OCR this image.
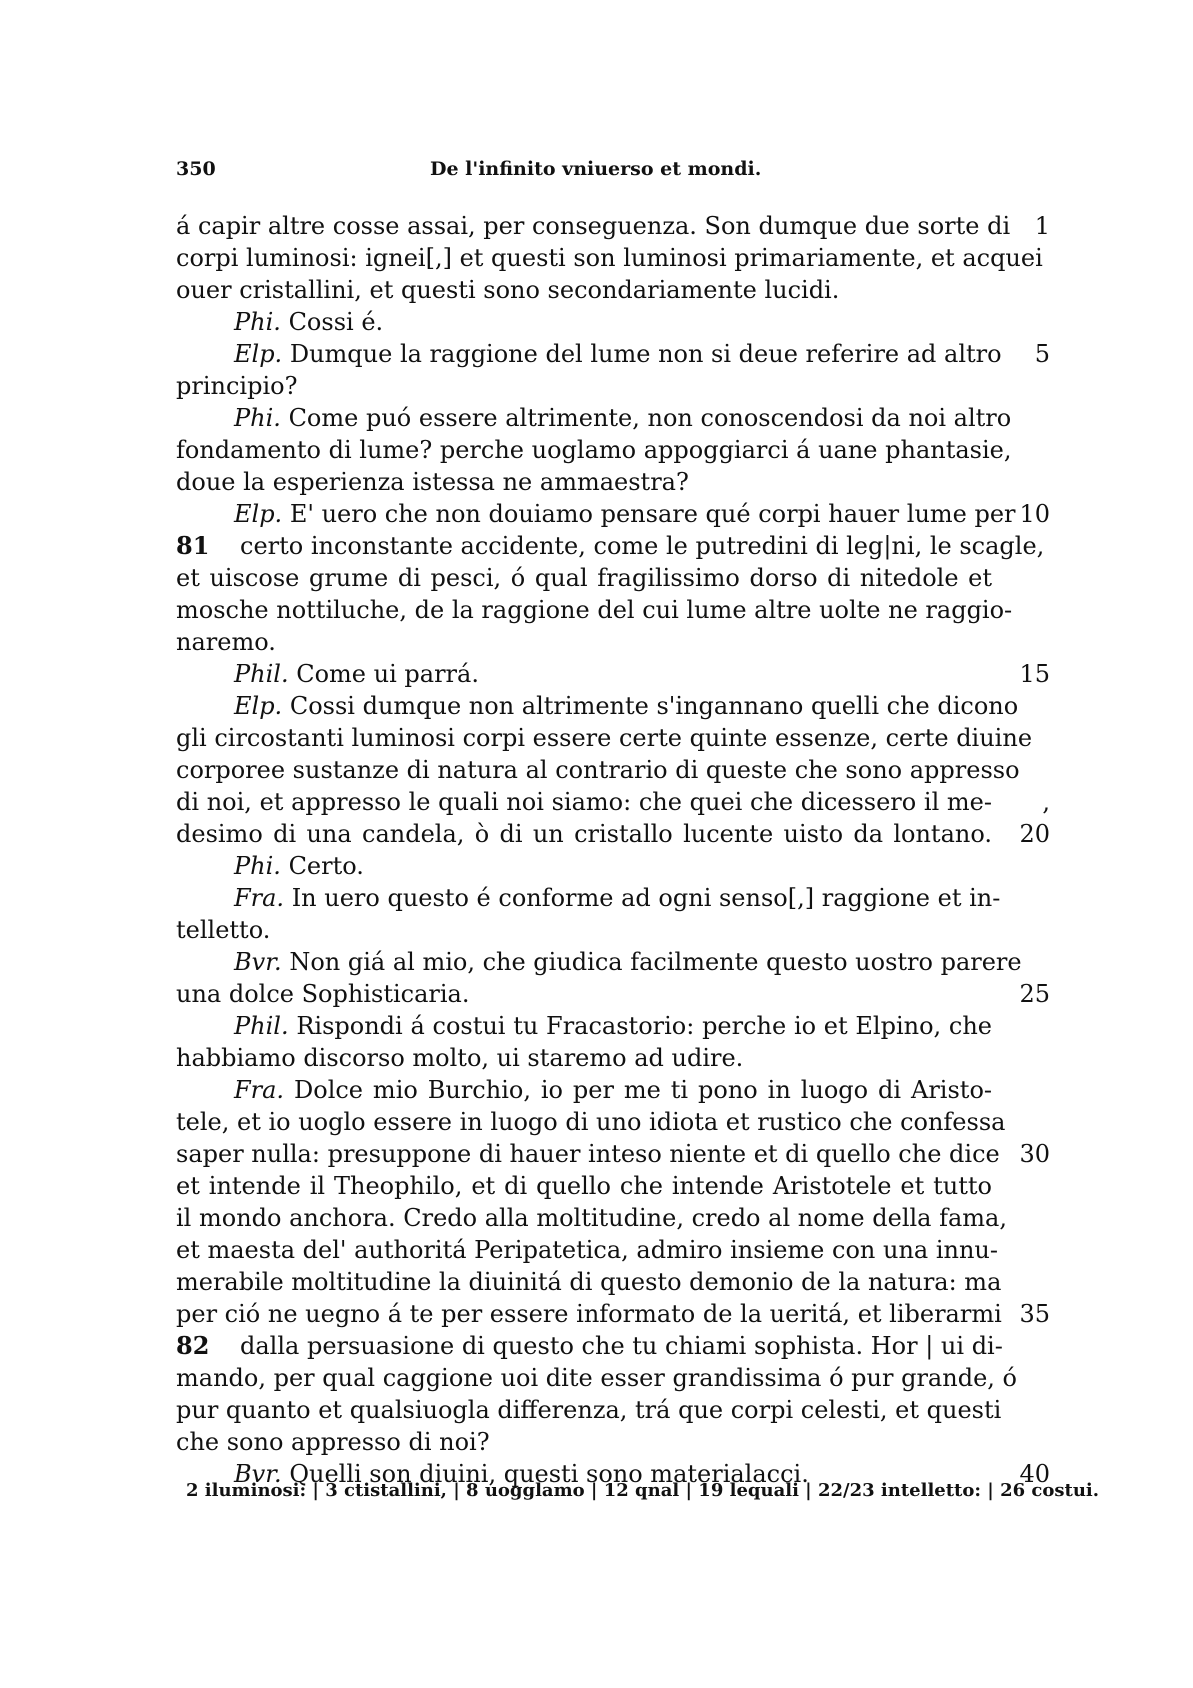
350	De l'infinito vniuerso et mondi.
á capir altre cosse assai, per conseguenza. Son dumque due sorte di	1
corpi luminosi: ignei[,] et questi son luminosi primariamente, et acquei
ouer cristallini, et questi sono secondariamente lucidi.
Phi. Cossi é.
Elp. Dumque la raggione del lume non si deue referire ad altro	5
principio?
Phi. Come puó essere altrimente, non conoscendosi da noi altro
fondamento di lume? perche uoglamo appoggiarci á uane phantasie,
doue la esperienza istessa ne ammaestra?
Elp. E' uero che non douiamo pensare qué corpi hauer lume per 10
81	certo inconstante accidente, come le putredini di leg|ni, le scagle,
et uiscose grume di pesci, ó qual fragilissimo dorso di nitedole et
mosche nottiluche, de la raggione del cui lume altre uolte ne raggio-
naremo.
Phil. Come ui parrá.	15
Elp. Cossi dumque non altrimente s'ingannano quelli che dicono
gli circostanti luminosi corpi essere certe quinte essenze, certe diuine
corporee sustanze di natura al contrario di queste che sono appresso
di noi, et appresso le quali noi siamo: che quei che dicessero il me-	,
desimo di una candela, ò di un cristallo lucente uisto da lontano.	20
Phi. Certo.
Fra. In uero questo é conforme ad ogni senso[,] raggione et in-
telletto.
Bvr. Non giá al mio, che giudica facilmente questo uostro parere
una dolce Sophisticaria.	25
Phil. Rispondi á costui tu Fracastorio: perche io et Elpino, che
habbiamo discorso molto, ui staremo ad udire.
Fra. Dolce mio Burchio, io per me ti pono in luogo di Aristo-
tele, et io uoglo essere in luogo di uno idiota et rustico che confessa
saper nulla: presuppone di hauer inteso niente et di quello che dice 30
et intende il Theophilo, et di quello che intende Aristotele et tutto
il mondo anchora. Credo alla moltitudine, credo al nome della fama,
et maesta del' authoritá Peripatetica, admiro insieme con una innu-
merabile moltitudine la diuinitá di questo demonio de la natura: ma
per ció ne uegno á te per essere informato de la ueritá, et liberarmi 35
82	dalla persuasione di questo che tu chiami sophista. Hor | ui di-
mando, per qual caggione uoi dite esser grandissima ó pur grande, ó
pur quanto et qualsiuogla differenza, trá que corpi celesti, et questi
che sono appresso di noi?
Bvr. Quelli son diuini, questi sono materialacci.	40
2 iluminosi: | 3 ctistallini, | 8 uogglamo | 12 qnal | 19 lequali | 22/23 intelletto: | 26 costui.
